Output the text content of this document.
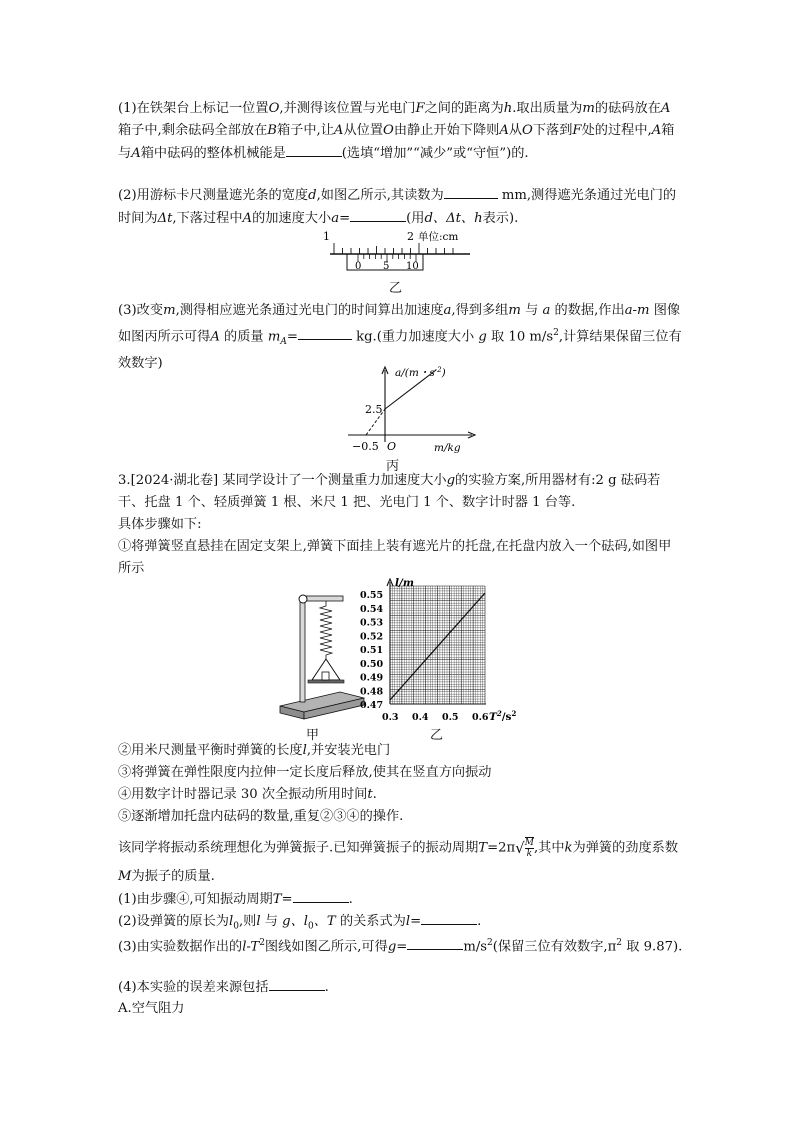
(1)在铁架台上标记一位置O,并测得该位置与光电门F之间的距离为h.取出质量为m的砝码放在A箱子中,剩余砝码全部放在B箱子中,让A从位置O由静止开始下降则A从O下落到F处的过程中,A箱与A箱中砝码的整体机械能是	(选填“增加”“减少”或“守恒”)的.

(2)用游标卡尺测量遮光条的宽度d,如图乙所示,其读数为	mm,测得遮光条通过光电门的时间为Δt,下落过程中A的加速度大小a=	(用d、Δt、h表示).

1	2 单位:cm
0 5 10
乙

(3)改变m,测得相应遮光条通过光电门的时间算出加速度a,得到多组m 与 a 的数据,作出a-m 图像如图丙所示可得A 的质量 $m_A=$	kg.(重力加速度大小 g 取 10 $m/s^2$,计算结果保留三位有效数字)

a/(m・$s^{-2}$)
2.5
−0.5 O	m/kg
丙

3.[2024·湖北卷] 某同学设计了一个测量重力加速度大小g的实验方案,所用器材有:2 g 砝码若干、托盘 1 个、轻质弹簧 1 根、米尺 1 把、光电门 1 个、数字计时器 1 台等.

具体步骤如下:

①将弹簧竖直悬挂在固定支架上,弹簧下面挂上装有遮光片的托盘,在托盘内放入一个砝码,如图甲所示

甲
0.55
0.54
0.53
0.52
0.51
0.50
0.49
0.48
0.47
0.3 0.4 0.5 0.6
l/m
$T^2/s^2$
乙

②用米尺测量平衡时弹簧的长度l,并安装光电门

③将弹簧在弹性限度内拉伸一定长度后释放,使其在竖直方向振动

④用数字计时器记录 30 次全振动所用时间t.

⑤逐渐增加托盘内砝码的数量,重复②③④的操作.

该同学将振动系统理想化为弹簧振子.已知弹簧振子的振动周期$T=2\pi√ \frac{M}{k}$ ,其中k为弹簧的劲度系数M为振子的质量.

(1)由步骤④,可知振动周期T=	.

(2)设弹簧的原长为$l_0$,则l 与 g、$l_0$、T 的关系式为l=	.

(3)由实验数据作出的$l-T^2$图线如图乙所示,可得g=	$m/s^2$(保留三位有效数字$,\pi^2$ 取 9.87).

(4)本实验的误差来源包括	.

A.空气阻力
